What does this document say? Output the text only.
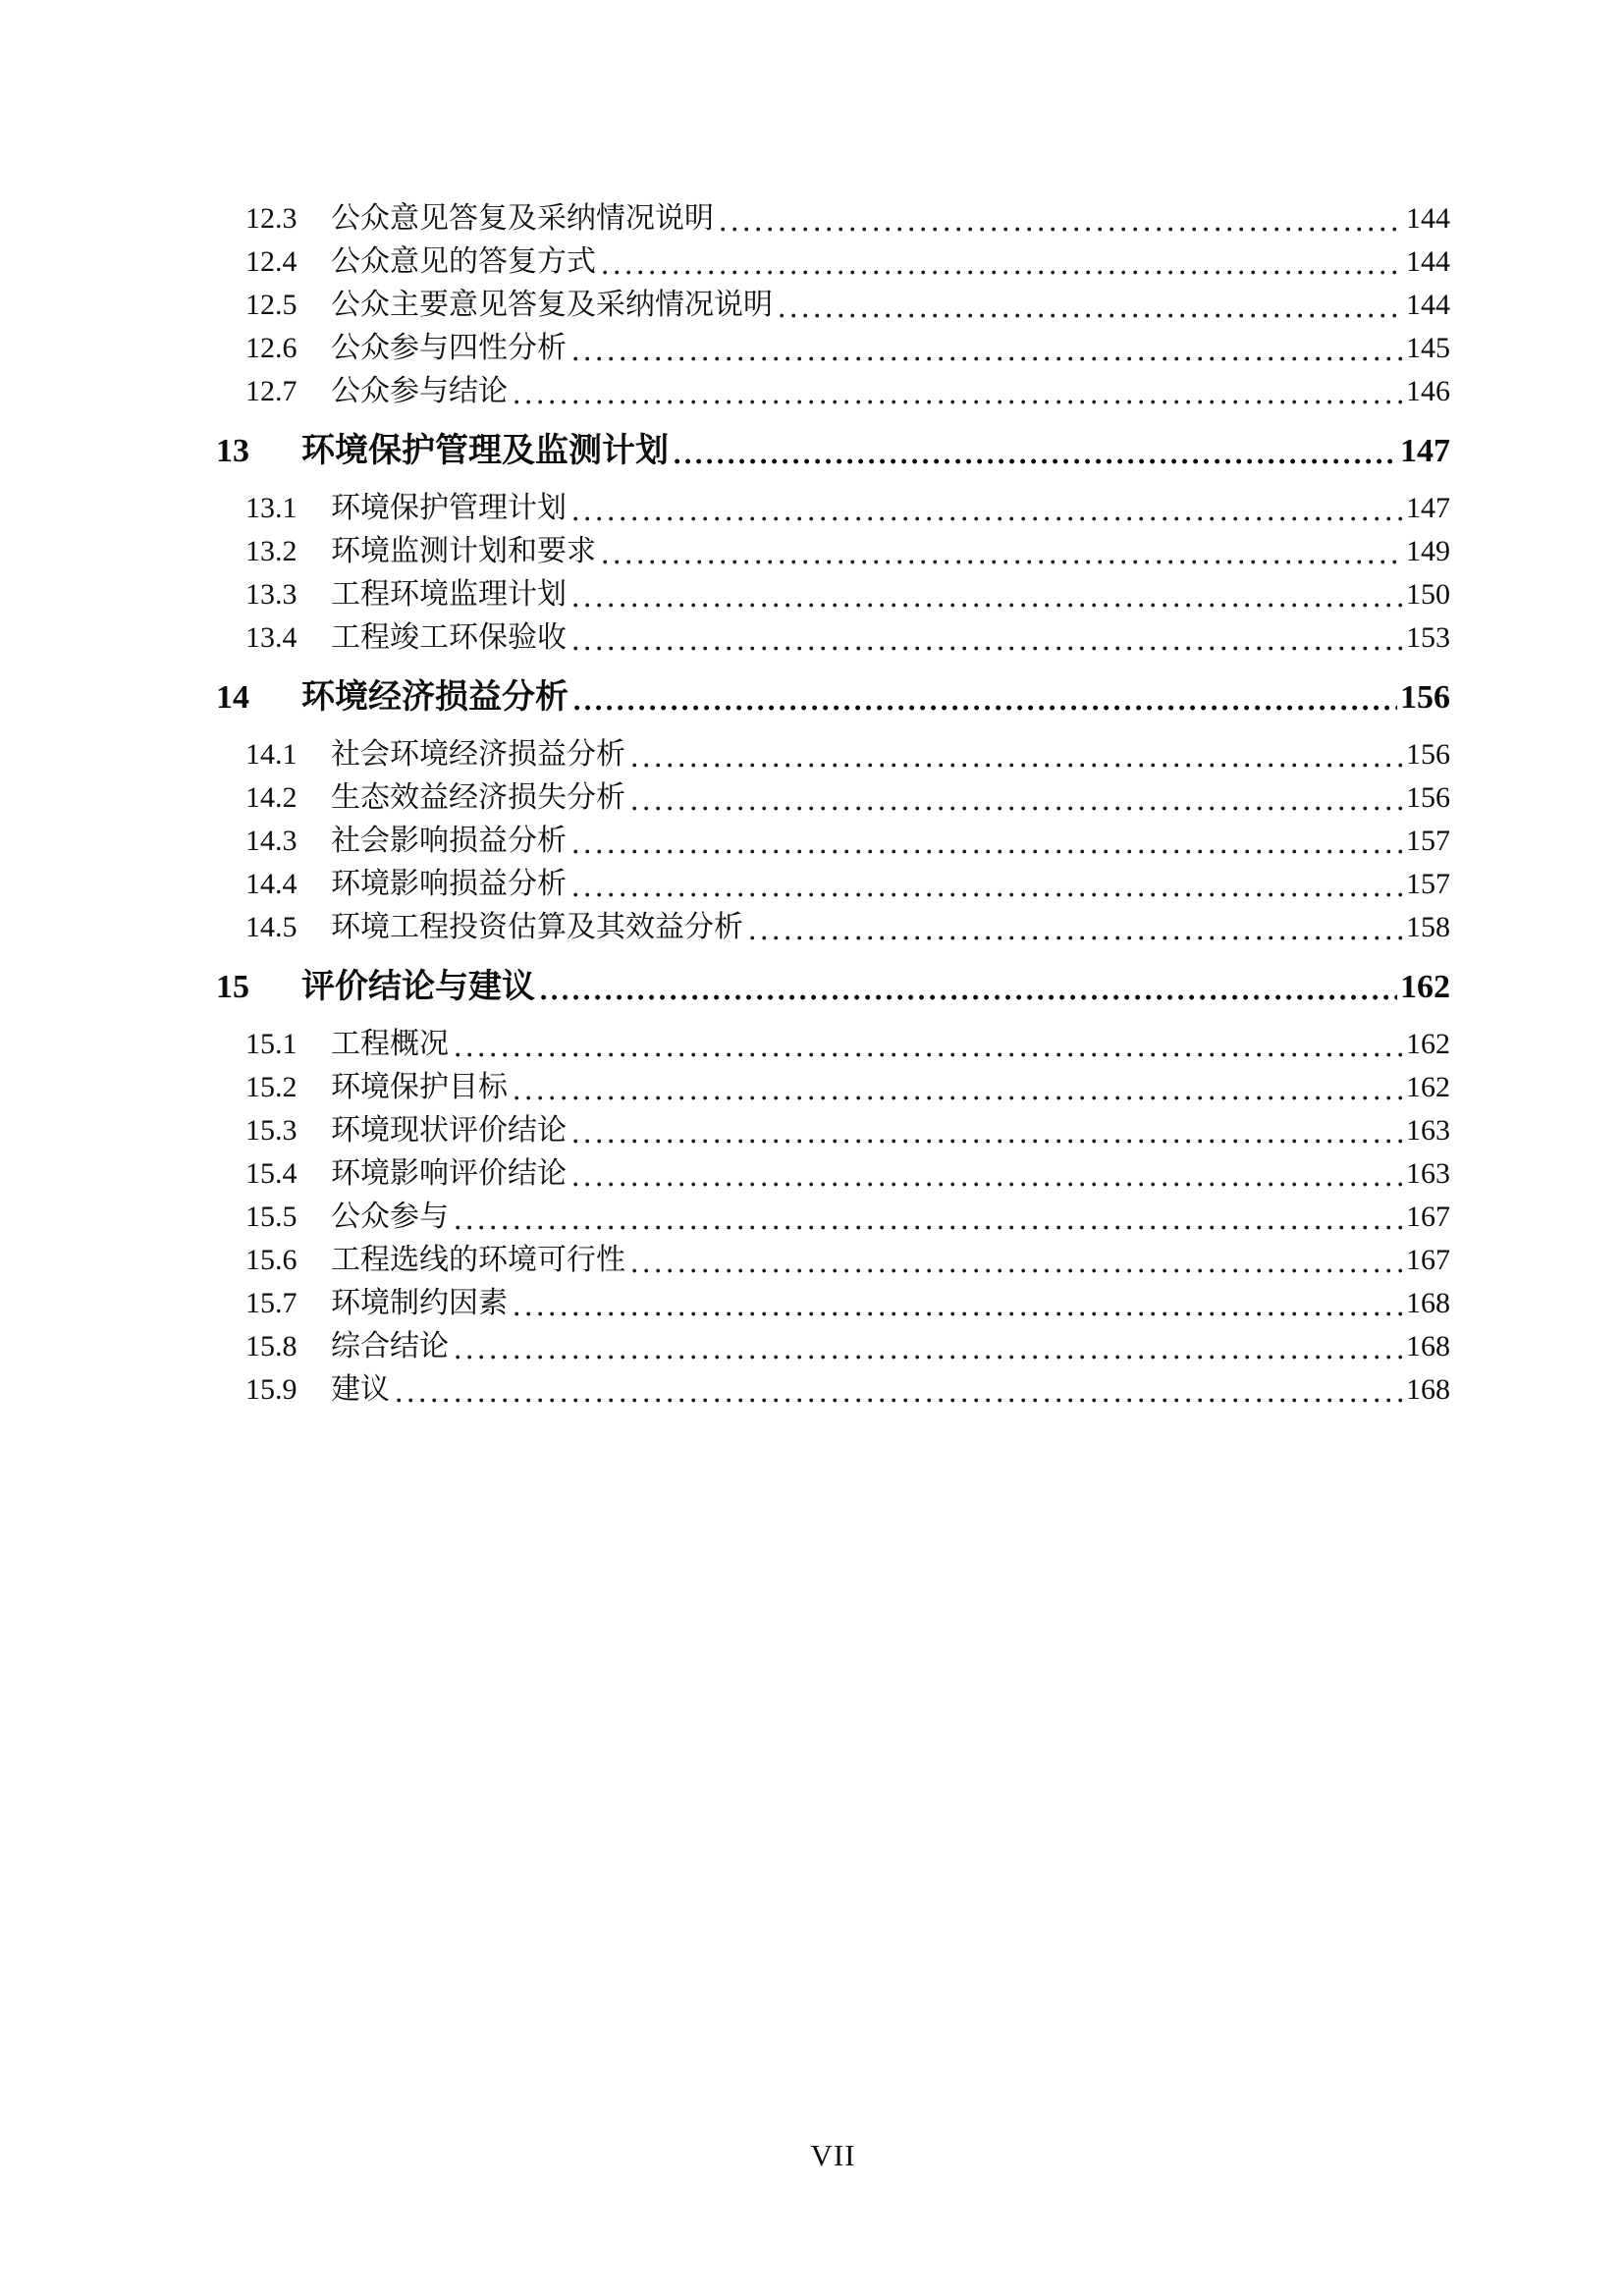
12.3	公众意见答复及采纳情况说明	144
12.4	公众意见的答复方式	144
12.5	公众主要意见答复及采纳情况说明	144
12.6	公众参与四性分析	145
12.7	公众参与结论	146
13	环境保护管理及监测计划	147
13.1	环境保护管理计划	147
13.2	环境监测计划和要求	149
13.3	工程环境监理计划	150
13.4	工程竣工环保验收	153
14	环境经济损益分析	156
14.1	社会环境经济损益分析	156
14.2	生态效益经济损失分析	156
14.3	社会影响损益分析	157
14.4	环境影响损益分析	157
14.5	环境工程投资估算及其效益分析	158
15	评价结论与建议	162
15.1	工程概况	162
15.2	环境保护目标	162
15.3	环境现状评价结论	163
15.4	环境影响评价结论	163
15.5	公众参与	167
15.6	工程选线的环境可行性	167
15.7	环境制约因素	168
15.8	综合结论	168
15.9	建议	168
VII
